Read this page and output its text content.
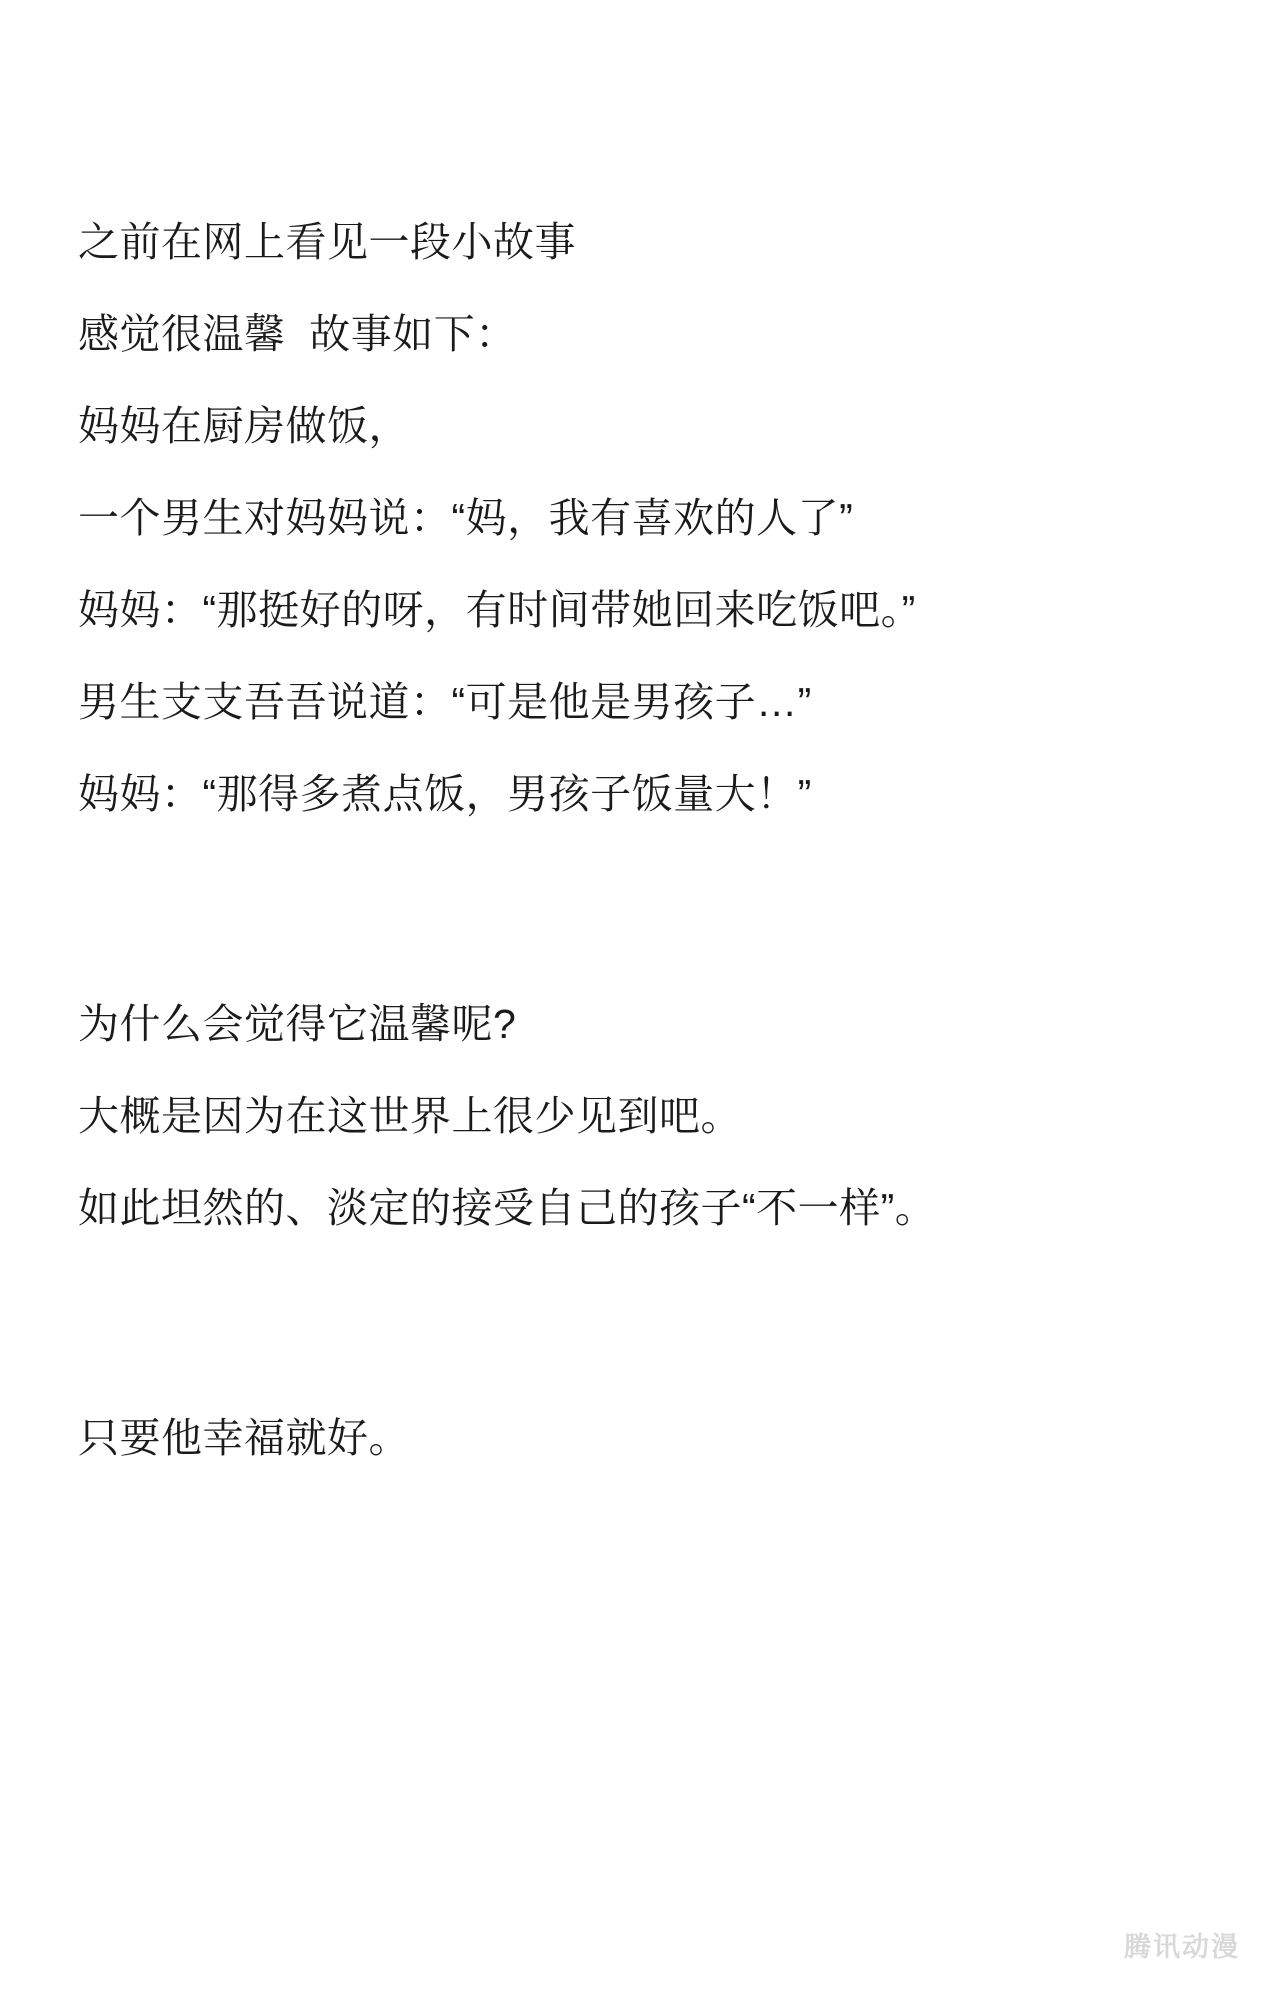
之前在网上看见一段小故事
感觉很温馨  故事如下：
妈妈在厨房做饭，
一个男生对妈妈说：“妈，我有喜欢的人了”
妈妈：“那挺好的呀，有时间带她回来吃饭吧。”
男生支支吾吾说道：“可是他是男孩子…”
妈妈：“那得多煮点饭，男孩子饭量大！”
为什么会觉得它温馨呢?
大概是因为在这世界上很少见到吧。
如此坦然的、淡定的接受自己的孩子“不一样”。
只要他幸福就好。
腾讯动漫
